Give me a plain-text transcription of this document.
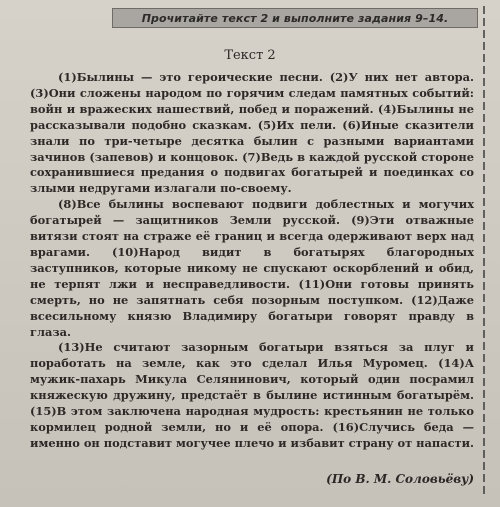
Прочитайте текст 2 и выполните задания 9–14.
Текст 2

(1)Былины — это героические песни. (2)У них нет автора. (3)Они сложены народом по горячим следам памятных событий: войн и вражеских нашествий, побед и поражений. (4)Былины не рассказывали подобно сказкам. (5)Их пели. (6)Иные сказители знали по три-четыре десятка былин с разными вариантами зачинов (запевов) и концовок. (7)Ведь в каждой русской стороне сохранившиеся предания о подвигах богатырей и поединках со злыми недругами излагали по-своему.

(8)Все былины воспевают подвиги доблестных и могучих богатырей — защитников Земли русской. (9)Эти отважные витязи стоят на страже её границ и всегда одерживают верх над врагами. (10)Народ видит в богатырях благородных заступников, которые никому не спускают оскорблений и обид, не терпят лжи и несправедливости. (11)Они готовы принять смерть, но не запятнать себя позорным поступком. (12)Даже всесильному князю Владимиру богатыри говорят правду в глаза.

(13)Не считают зазорным богатыри взяться за плуг и поработать на земле, как это сделал Илья Муромец. (14)А мужик-пахарь Микула Селянинович, который один посрамил княжескую дружину, предстаёт в былине истинным богатырём. (15)В этом заключена народная мудрость: крестьянин не только кормилец родной земли, но и её опора. (16)Случись беда — именно он подставит могучее плечо и избавит страну от напасти.

(По В. М. Соловьёву)
